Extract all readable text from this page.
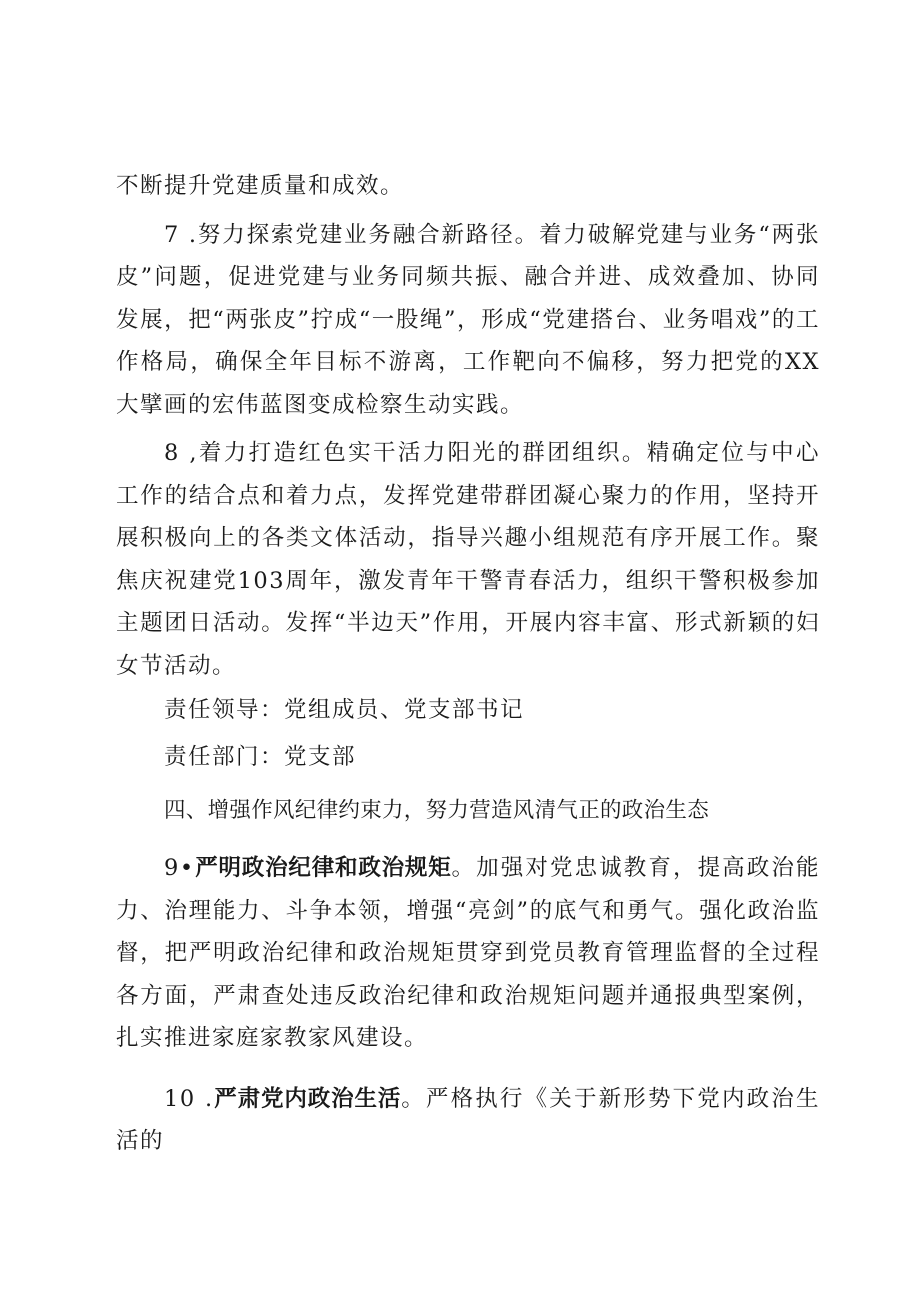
不断提升党建质量和成效。

7 .努力探索党建业务融合新路径。着力破解党建与业务“两张皮”问题，促进党建与业务同频共振、融合并进、成效叠加、协同发展，把“两张皮”拧成“一股绳”，形成“党建搭台、业务唱戏”的工作格局，确保全年目标不游离，工作靶向不偏移，努力把党的XX大擘画的宏伟蓝图变成检察生动实践。

8 ,着力打造红色实干活力阳光的群团组织。精确定位与中心工作的结合点和着力点，发挥党建带群团凝心聚力的作用，坚持开展积极向上的各类文体活动，指导兴趣小组规范有序开展工作。聚焦庆祝建党103周年，激发青年干警青春活力，组织干警积极参加主题团日活动。发挥“半边天”作用，开展内容丰富、形式新颖的妇女节活动。

责任领导：党组成员、党支部书记

责任部门：党支部

四、增强作风纪律约束力，努力营造风清气正的政治生态

9•严明政治纪律和政治规矩。加强对党忠诚教育，提高政治能力、治理能力、斗争本领，增强“亮剑”的底气和勇气。强化政治监督，把严明政治纪律和政治规矩贯穿到党员教育管理监督的全过程各方面，严肃查处违反政治纪律和政治规矩问题并通报典型案例，扎实推进家庭家教家风建设。

10 .严肃党内政治生活。严格执行《关于新形势下党内政治生活的
